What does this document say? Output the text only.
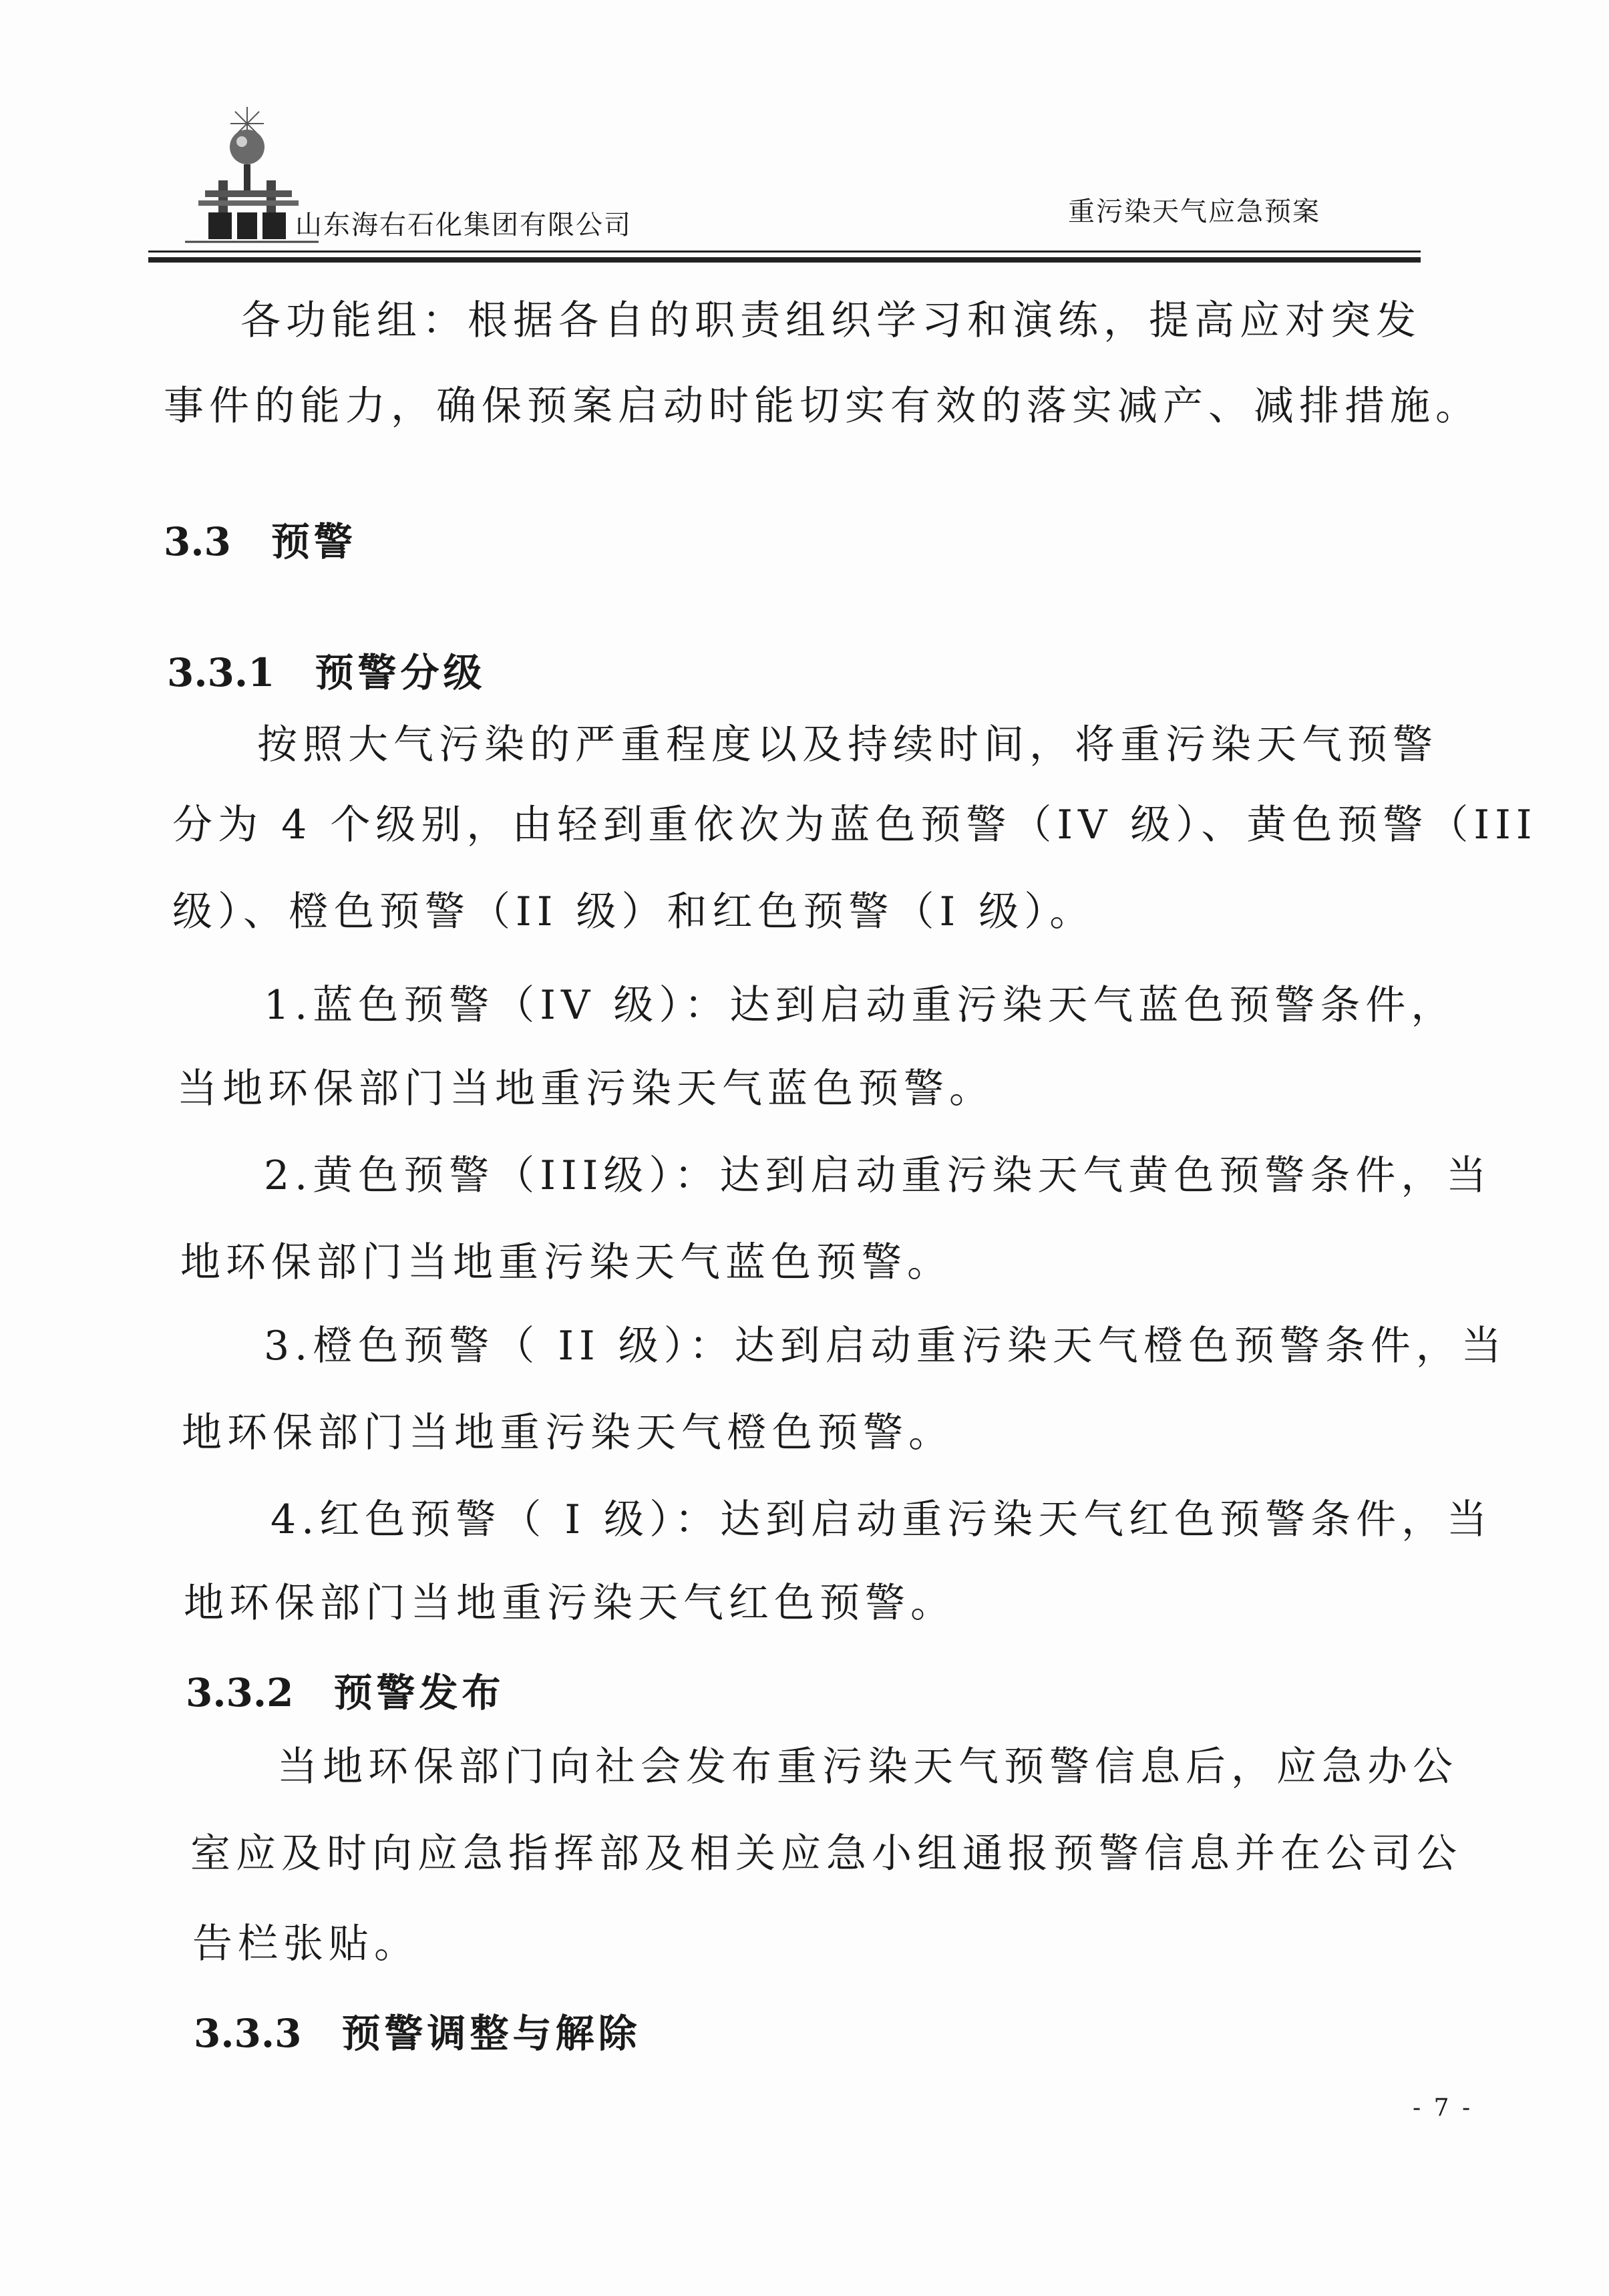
山东海右石化集团有限公司	重污染天气应急预案
各功能组：根据各自的职责组织学习和演练，提高应对突发
事件的能力，确保预案启动时能切实有效的落实减产、减排措施。
3.3 预警
3.3.1 预警分级
按照大气污染的严重程度以及持续时间，将重污染天气预警
分为 4 个级别，由轻到重依次为蓝色预警（IV 级）、黄色预警（III
级）、橙色预警（II 级）和红色预警（I 级）。
1.蓝色预警（IV 级）：达到启动重污染天气蓝色预警条件，
当地环保部门当地重污染天气蓝色预警。
2.黄色预警（III级）：达到启动重污染天气黄色预警条件，当
地环保部门当地重污染天气蓝色预警。
3.橙色预警（ II 级）：达到启动重污染天气橙色预警条件，当
地环保部门当地重污染天气橙色预警。
4.红色预警（ I 级）：达到启动重污染天气红色预警条件，当
地环保部门当地重污染天气红色预警。
3.3.2 预警发布
当地环保部门向社会发布重污染天气预警信息后，应急办公
室应及时向应急指挥部及相关应急小组通报预警信息并在公司公
告栏张贴。
3.3.3 预警调整与解除
- 7 -
